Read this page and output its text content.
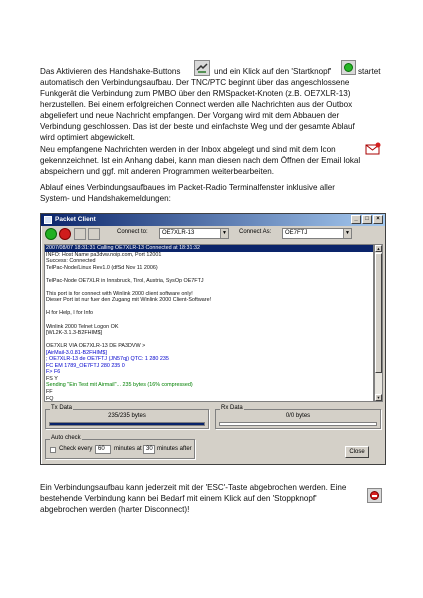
Das Aktivieren des Handshake-Buttons	und ein Klick auf den 'Startknopf'	startet
automatisch den Verbindungsaufbau. Der TNC/PTC beginnt über das angeschlossene
Funkgerät die Verbindung zum PMBO über den RMSpacket-Knoten (z.B. OE7XLR-13)
herzustellen. Bei einem erfolgreichen Connect werden alle Nachrichten aus der Outbox
abgeliefert und neue Nachricht empfangen. Der Vorgang wird mit dem Abbauen der
Verbindung geschlossen. Das ist der beste und einfachste Weg und der gesamte Ablauf
wird optimiert abgewickelt.
Neu empfangene Nachrichten werden in der Inbox abgelegt und sind mit dem Icon
gekennzeichnet. Ist ein Anhang dabei, kann man diesen nach dem Öffnen der Email lokal
abspeichern und ggf. mit anderen Programmen weiterbearbeiten.
Ablauf eines Verbindungsaufbaues im Packet-Radio Terminalfenster inklusive aller
System- und Handshakemeldungen:
Packet Client	_	□	×
Connect to:	OE7XLR-13	▼ Connect As:	OE7FTJ	▼
2007/08/07 18:31:31 Calling OE7XLR-13 Connected at 18:31:32
INFO: Host Name pa3dvw.noip.com, Port 12001
Success: Connected
TelPac-Node/Linux Rev1.0 (dfSd Nov 11 2006)

TelPac-Node OE7XLR in Innsbruck, Tirol, Austria, SysOp OE7FTJ

This port is for connect with Winlink 2000 client software only!
Dieser Port ist nur fuer den Zugang mit Winlink 2000 Client-Software!

H for Help, I for Info

Winlink 2000 Telnet Logon OK
[WL2K-3.1.3-B2FHIM$]

OE7XLR VIA OE7XLR-13 DE PA3DVW >
[AirMail-3.0.81-B2FHIM$]
; OE7XLR-13 de OE7FTJ (JN57qj) QTC: 1 280 235
FC EM 1789_OE7FTJ 280 235 0
F> F6
FS Y
Sending "Ein Test mit Airmail"... 235 bytes (16% compressed)
FF
FQ
▲
▼
Tx Data
235/235 bytes
Rx Data
0/0 bytes
Auto check
Check every 60	minutes at 30 minutes after	Close
Ein Verbindungsaufbau kann jederzeit mit der 'ESC'-Taste abgebrochen werden. Eine
bestehende Verbindung kann bei Bedarf mit einem Klick auf den 'Stoppknopf'
abgebrochen werden (harter Disconnect)!
